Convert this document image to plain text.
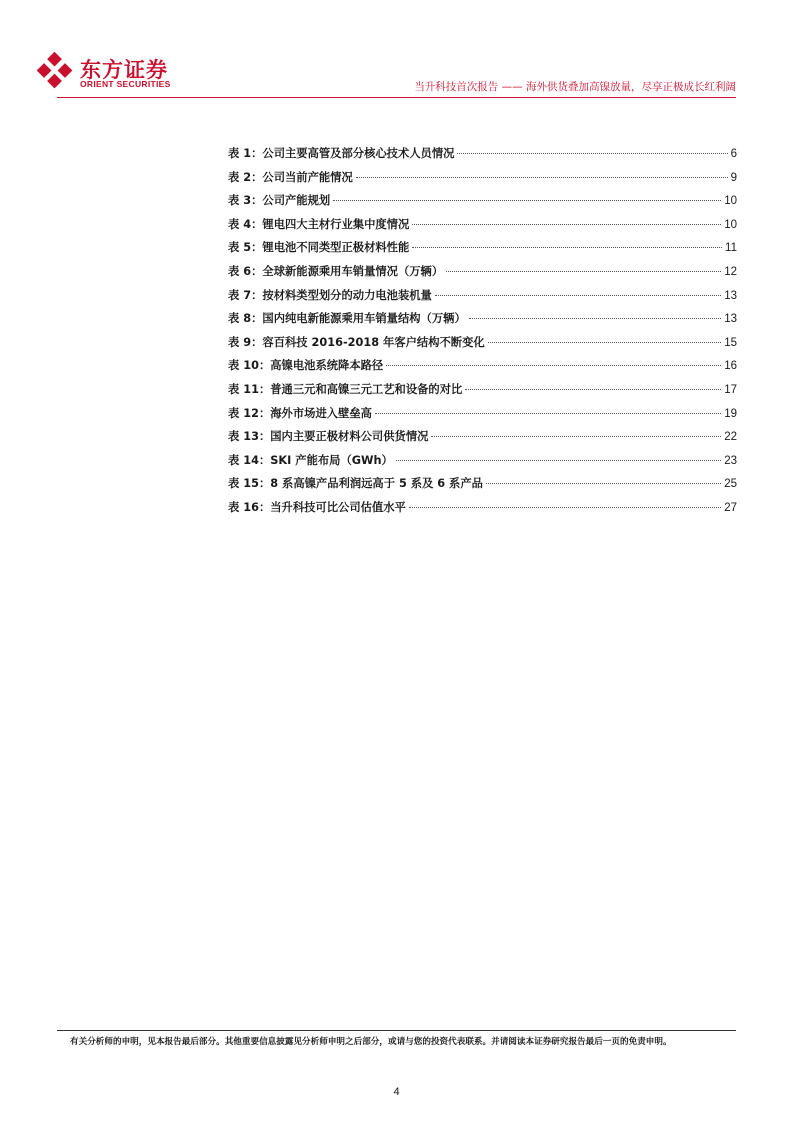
东方证券
ORIENT SECURITIES	当升科技首次报告 —— 海外供货叠加高镍放量，尽享正极成长红利阔
表 1： 公司主要高管及部分核心技术人员情况	6
表 2： 公司当前产能情况	9
表 3： 公司产能规划	10
表 4： 锂电四大主材行业集中度情况	10
表 5： 锂电池不同类型正极材料性能	11
表 6： 全球新能源乘用车销量情况（万辆）	12
表 7： 按材料类型划分的动力电池装机量	13
表 8： 国内纯电新能源乘用车销量结构（万辆）	13
表 9： 容百科技 2016-2018 年客户结构不断变化	15
表 10： 高镍电池系统降本路径	16
表 11： 普通三元和高镍三元工艺和设备的对比	17
表 12： 海外市场进入壁垒高	19
表 13： 国内主要正极材料公司供货情况	22
表 14： SKI 产能布局（GWh）	23
表 15： 8 系高镍产品利润远高于 5 系及 6 系产品	25
表 16： 当升科技可比公司估值水平	27
有关分析师的申明，见本报告最后部分。其他重要信息披露见分析师申明之后部分，或请与您的投资代表联系。并请阅读本证券研究报告最后一页的免责申明。
4
